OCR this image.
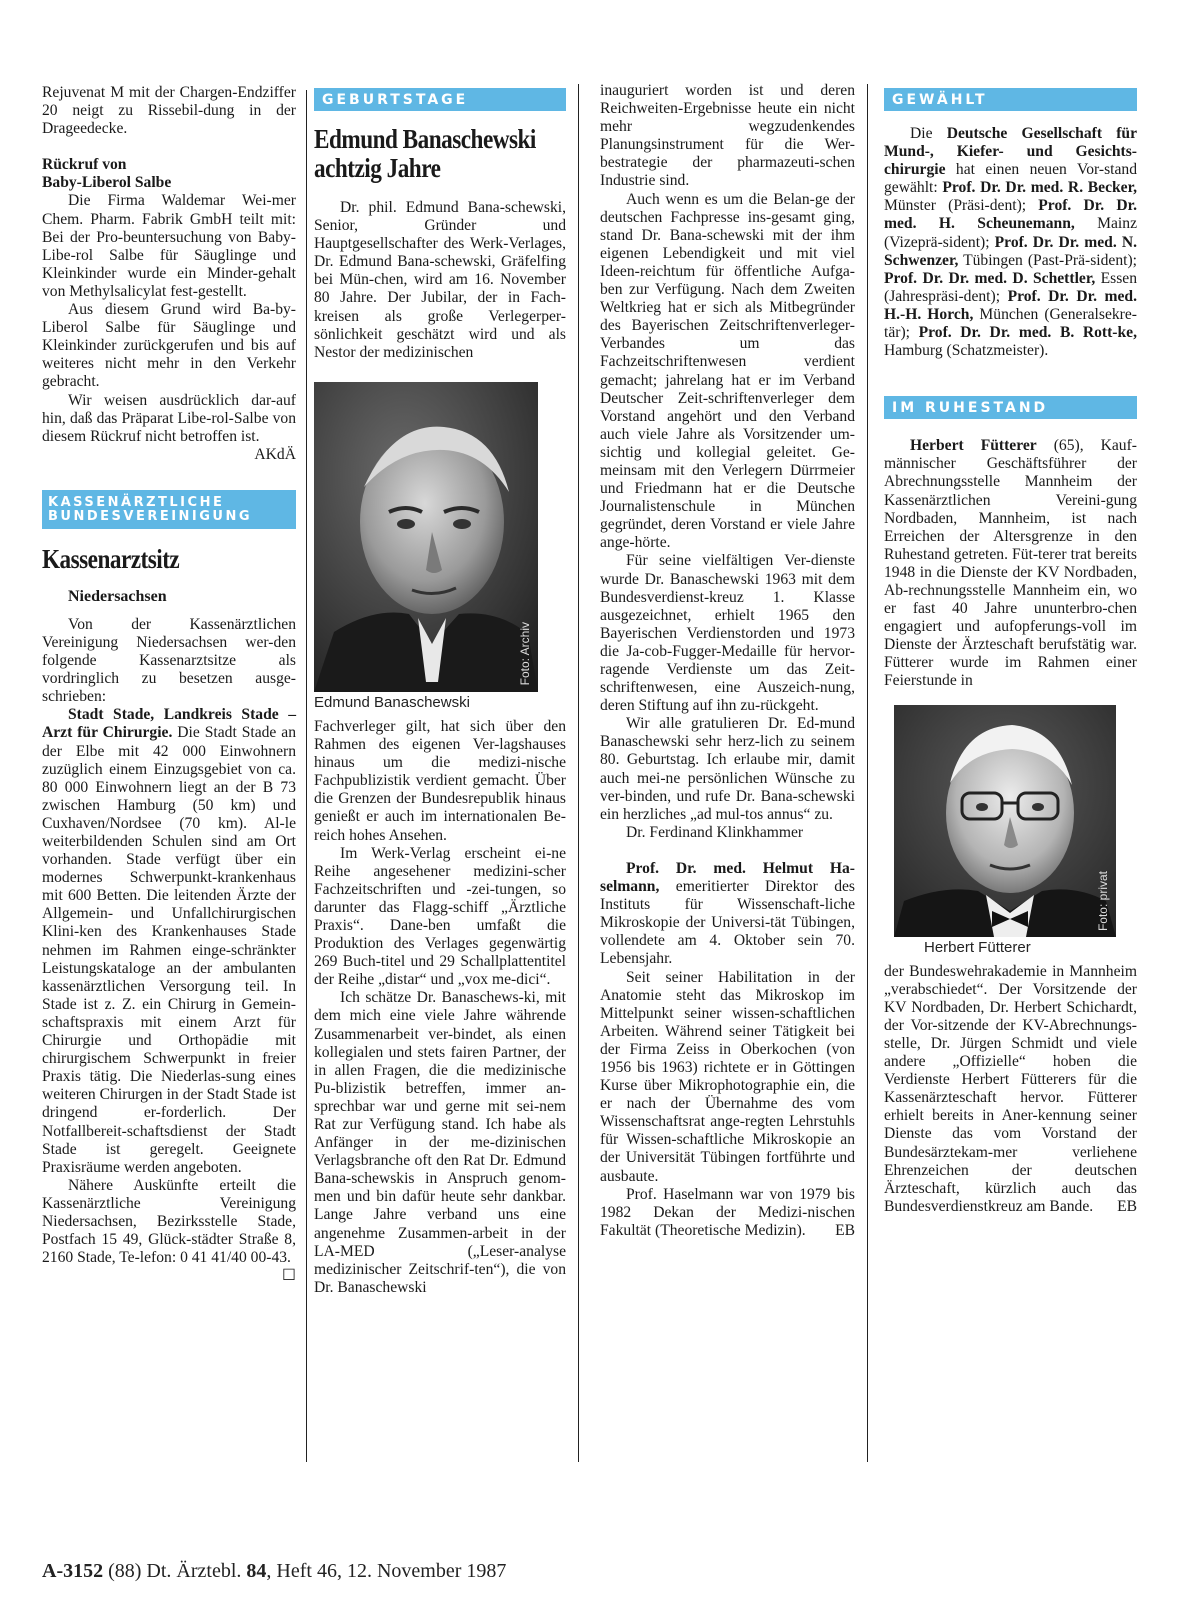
Rejuvenat M mit der Chargen-Endziffer 20 neigt zu Rissebil-dung in der Drageedecke.

Rückruf von
Baby-Liberol Salbe

Die Firma Waldemar Wei-mer Chem. Pharm. Fabrik GmbH teilt mit: Bei der Pro-beuntersuchung von Baby-Libe-rol Salbe für Säuglinge und Kleinkinder wurde ein Minder-gehalt von Methylsalicylat fest-gestellt.

Aus diesem Grund wird Ba-by-Liberol Salbe für Säuglinge und Kleinkinder zurückgerufen und bis auf weiteres nicht mehr in den Verkehr gebracht.

Wir weisen ausdrücklich dar-auf hin, daß das Präparat Libe-rol-Salbe von diesem Rückruf nicht betroffen ist.
AKdÄ

KASSENÄRZTLICHE
BUNDESVEREINIGUNG
Kassenarztsitz
Niedersachsen

Von der Kassenärztlichen Vereinigung Niedersachsen wer-den folgende Kassenarztsitze als vordringlich zu besetzen ausge-schrieben:

Stadt Stade, Landkreis Stade – Arzt für Chirurgie. Die Stadt Stade an der Elbe mit 42 000 Einwohnern zuzüglich einem Einzugsgebiet von ca. 80 000 Einwohnern liegt an der B 73 zwischen Hamburg (50 km) und Cuxhaven/Nordsee (70 km). Al-le weiterbildenden Schulen sind am Ort vorhanden. Stade verfügt über ein modernes Schwerpunkt-krankenhaus mit 600 Betten. Die leitenden Ärzte der Allgemein- und Unfallchirurgischen Klini-ken des Krankenhauses Stade nehmen im Rahmen einge-schränkter Leistungskataloge an der ambulanten kassenärztlichen Versorgung teil. In Stade ist z. Z. ein Chirurg in Gemein-schaftspraxis mit einem Arzt für Chirurgie und Orthopädie mit chirurgischem Schwerpunkt in freier Praxis tätig. Die Niederlas-sung eines weiteren Chirurgen in der Stadt Stade ist dringend er-forderlich. Der Notfallbereit-schaftsdienst der Stadt Stade ist geregelt. Geeignete Praxisräume werden angeboten.

Nähere Auskünfte erteilt die Kassenärztliche Vereinigung Niedersachsen, Bezirksstelle Stade, Postfach 15 49, Glück-städter Straße 8, 2160 Stade, Te-lefon: 0 41 41/40 00-43.
☐

GEBURTSTAGE
Edmund Banaschewski
achtzig Jahre

Dr. phil. Edmund Bana-schewski, Senior, Gründer und Hauptgesellschafter des Werk-Verlages, Dr. Edmund Bana-schewski, Gräfelfing bei Mün-chen, wird am 16. November 80 Jahre. Der Jubilar, der in Fach-kreisen als große Verlegerper-sönlichkeit geschätzt wird und als Nestor der medizinischen

Foto: Archiv
Edmund Banaschewski

Fachverleger gilt, hat sich über den Rahmen des eigenen Ver-lagshauses hinaus um die medizi-nische Fachpublizistik verdient gemacht. Über die Grenzen der Bundesrepublik hinaus genießt er auch im internationalen Be-reich hohes Ansehen.

Im Werk-Verlag erscheint ei-ne Reihe angesehener medizini-scher Fachzeitschriften und -zei-tungen, so darunter das Flagg-schiff „Ärztliche Praxis“. Dane-ben umfaßt die Produktion des Verlages gegenwärtig 269 Buch-titel und 29 Schallplattentitel der Reihe „distar“ und „vox me-dici“.

Ich schätze Dr. Banaschews-ki, mit dem mich eine viele Jahre währende Zusammenarbeit ver-bindet, als einen kollegialen und stets fairen Partner, der in allen Fragen, die die medizinische Pu-blizistik betreffen, immer an-sprechbar war und gerne mit sei-nem Rat zur Verfügung stand. Ich habe als Anfänger in der me-dizinischen Verlagsbranche oft den Rat Dr. Edmund Bana-schewskis in Anspruch genom-men und bin dafür heute sehr dankbar. Lange Jahre verband uns eine angenehme Zusammen-arbeit in der LA-MED („Leser-analyse medizinischer Zeitschrif-ten“), die von Dr. Banaschewski

inauguriert worden ist und deren Reichweiten-Ergebnisse heute ein nicht mehr wegzudenkendes Planungsinstrument für die Wer-bestrategie der pharmazeuti-schen Industrie sind.

Auch wenn es um die Belan-ge der deutschen Fachpresse ins-gesamt ging, stand Dr. Bana-schewski mit der ihm eigenen Lebendigkeit und mit viel Ideen-reichtum für öffentliche Aufga-ben zur Verfügung. Nach dem Zweiten Weltkrieg hat er sich als Mitbegründer des Bayerischen Zeitschriftenverleger-Verbandes um das Fachzeitschriftenwesen verdient gemacht; jahrelang hat er im Verband Deutscher Zeit-schriftenverleger dem Vorstand angehört und den Verband auch viele Jahre als Vorsitzender um-sichtig und kollegial geleitet. Ge-meinsam mit den Verlegern Dürrmeier und Friedmann hat er die Deutsche Journalistenschule in München gegründet, deren Vorstand er viele Jahre ange-hörte.

Für seine vielfältigen Ver-dienste wurde Dr. Banaschewski 1963 mit dem Bundesverdienst-kreuz 1. Klasse ausgezeichnet, erhielt 1965 den Bayerischen Verdienstorden und 1973 die Ja-cob-Fugger-Medaille für hervor-ragende Verdienste um das Zeit-schriftenwesen, eine Auszeich-nung, deren Stiftung auf ihn zu-rückgeht.

Wir alle gratulieren Dr. Ed-mund Banaschewski sehr herz-lich zu seinem 80. Geburtstag. Ich erlaube mir, damit auch mei-ne persönlichen Wünsche zu ver-binden, und rufe Dr. Bana-schewski ein herzliches „ad mul-tos annus“ zu.

Dr. Ferdinand Klinkhammer

Prof. Dr. med. Helmut Ha-selmann, emeritierter Direktor des Instituts für Wissenschaft-liche Mikroskopie der Universi-tät Tübingen, vollendete am 4. Oktober sein 70. Lebensjahr.

Seit seiner Habilitation in der Anatomie steht das Mikroskop im Mittelpunkt seiner wissen-schaftlichen Arbeiten. Während seiner Tätigkeit bei der Firma Zeiss in Oberkochen (von 1956 bis 1963) richtete er in Göttingen Kurse über Mikrophotographie ein, die er nach der Übernahme des vom Wissenschaftsrat ange-regten Lehrstuhls für Wissen-schaftliche Mikroskopie an der Universität Tübingen fortführte und ausbaute.

Prof. Haselmann war von 1979 bis 1982 Dekan der Medizi-nischen Fakultät (Theoretische Medizin).	EB

GEWÄHLT

Die Deutsche Gesellschaft für Mund-, Kiefer- und Gesichts-chirurgie hat einen neuen Vor-stand gewählt: Prof. Dr. Dr. med. R. Becker, Münster (Präsi-dent); Prof. Dr. Dr. med. H. Scheunemann, Mainz (Vizeprä-sident); Prof. Dr. Dr. med. N. Schwenzer, Tübingen (Past-Prä-sident); Prof. Dr. Dr. med. D. Schettler, Essen (Jahrespräsi-dent); Prof. Dr. Dr. med. H.-H. Horch, München (Generalsekre-tär); Prof. Dr. Dr. med. B. Rott-ke, Hamburg (Schatzmeister).

IM RUHESTAND

Herbert Fütterer (65), Kauf-männischer Geschäftsführer der Abrechnungsstelle Mannheim der Kassenärztlichen Vereini-gung Nordbaden, Mannheim, ist nach Erreichen der Altersgrenze in den Ruhestand getreten. Füt-terer trat bereits 1948 in die Dienste der KV Nordbaden, Ab-rechnungsstelle Mannheim ein, wo er fast 40 Jahre ununterbro-chen engagiert und aufopferungs-voll im Dienste der Ärzteschaft berufstätig war. Fütterer wurde im Rahmen einer Feierstunde in

Foto: privat
Herbert Fütterer

der Bundeswehrakademie in Mannheim „verabschiedet“. Der Vorsitzende der KV Nordbaden, Dr. Herbert Schichardt, der Vor-sitzende der KV-Abrechnungs-stelle, Dr. Jürgen Schmidt und viele andere „Offizielle“ hoben die Verdienste Herbert Fütterers für die Kassenärzteschaft hervor. Fütterer erhielt bereits in Aner-kennung seiner Dienste das vom Vorstand der Bundesärztekam-mer verliehene Ehrenzeichen der deutschen Ärzteschaft, kürzlich auch das Bundesverdienstkreuz am Bande. EB

A-3152 (88) Dt. Ärztebl. 84, Heft 46, 12. November 1987
